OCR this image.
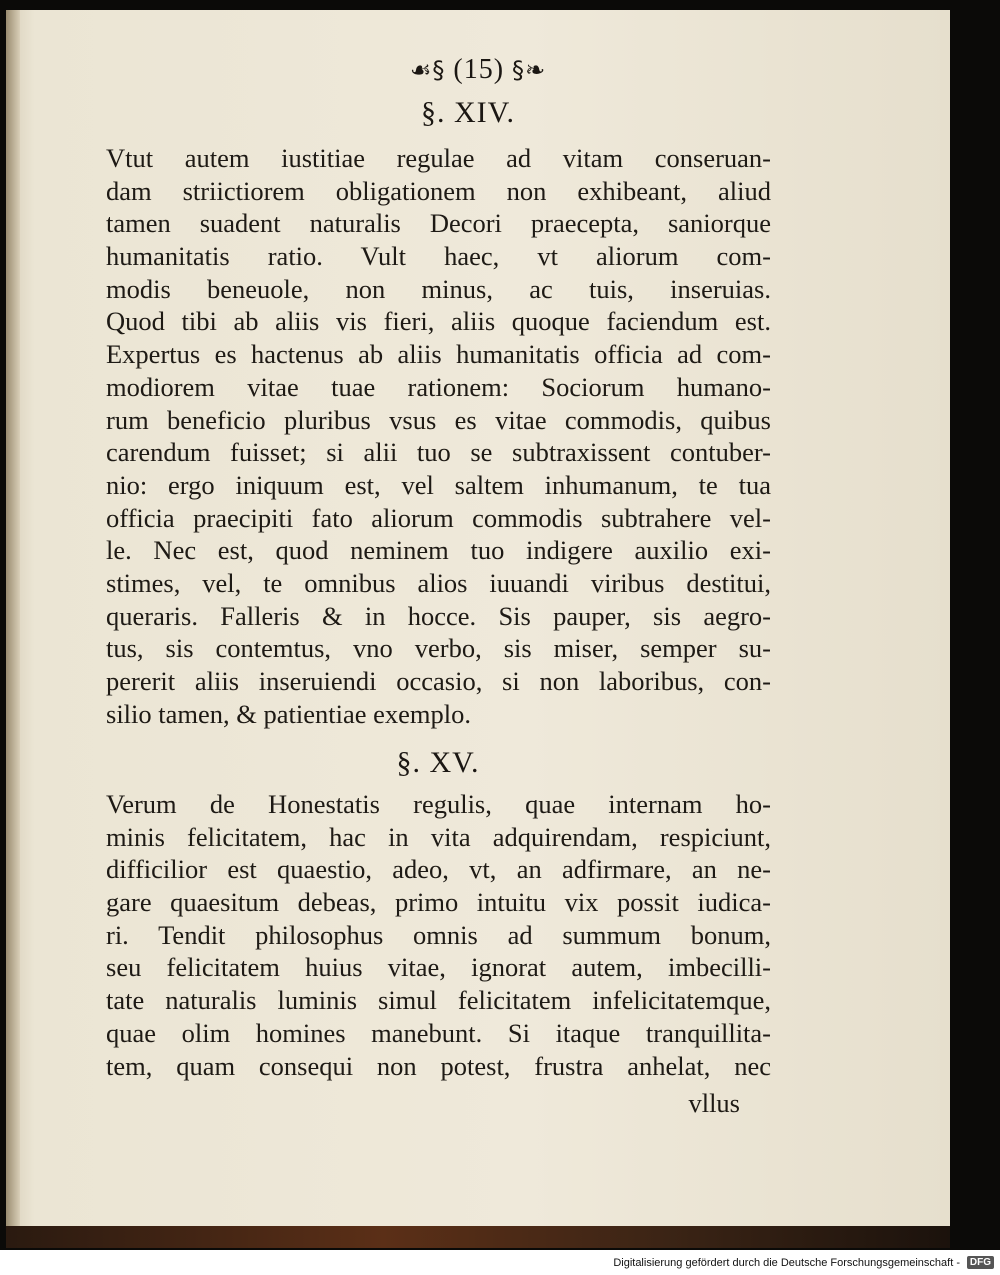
☙§ (15) §❧
§. XIV.
Vtut autem iustitiae regulae ad vitam conseruan-
dam striictiorem obligationem non exhibeant, aliud
tamen suadent naturalis Decori praecepta, saniorque
humanitatis ratio. Vult haec, vt aliorum com-
modis beneuole, non minus, ac tuis, inseruias.
Quod tibi ab aliis vis fieri, aliis quoque faciendum est.
Expertus es hactenus ab aliis humanitatis officia ad com-
modiorem vitae tuae rationem: Sociorum humano-
rum beneficio pluribus vsus es vitae commodis, quibus
carendum fuisset; si alii tuo se subtraxissent contuber-
nio: ergo iniquum est, vel saltem inhumanum, te tua
officia praecipiti fato aliorum commodis subtrahere vel-
le. Nec est, quod neminem tuo indigere auxilio exi-
stimes, vel, te omnibus alios iuuandi viribus destitui,
queraris. Falleris & in hocce. Sis pauper, sis aegro-
tus, sis contemtus, vno verbo, sis miser, semper su-
pererit aliis inseruiendi occasio, si non laboribus, con-
silio tamen, & patientiae exemplo.
§. XV.
Verum de Honestatis regulis, quae internam ho-
minis felicitatem, hac in vita adquirendam, respiciunt,
difficilior est quaestio, adeo, vt, an adfirmare, an ne-
gare quaesitum debeas, primo intuitu vix possit iudica-
ri. Tendit philosophus omnis ad summum bonum,
seu felicitatem huius vitae, ignorat autem, imbecilli-
tate naturalis luminis simul felicitatem infelicitatemque,
quae olim homines manebunt. Si itaque tranquillita-
tem, quam consequi non potest, frustra anhelat, nec
vllus
Digitalisierung gefördert durch die Deutsche Forschungsgemeinschaft - DFG
